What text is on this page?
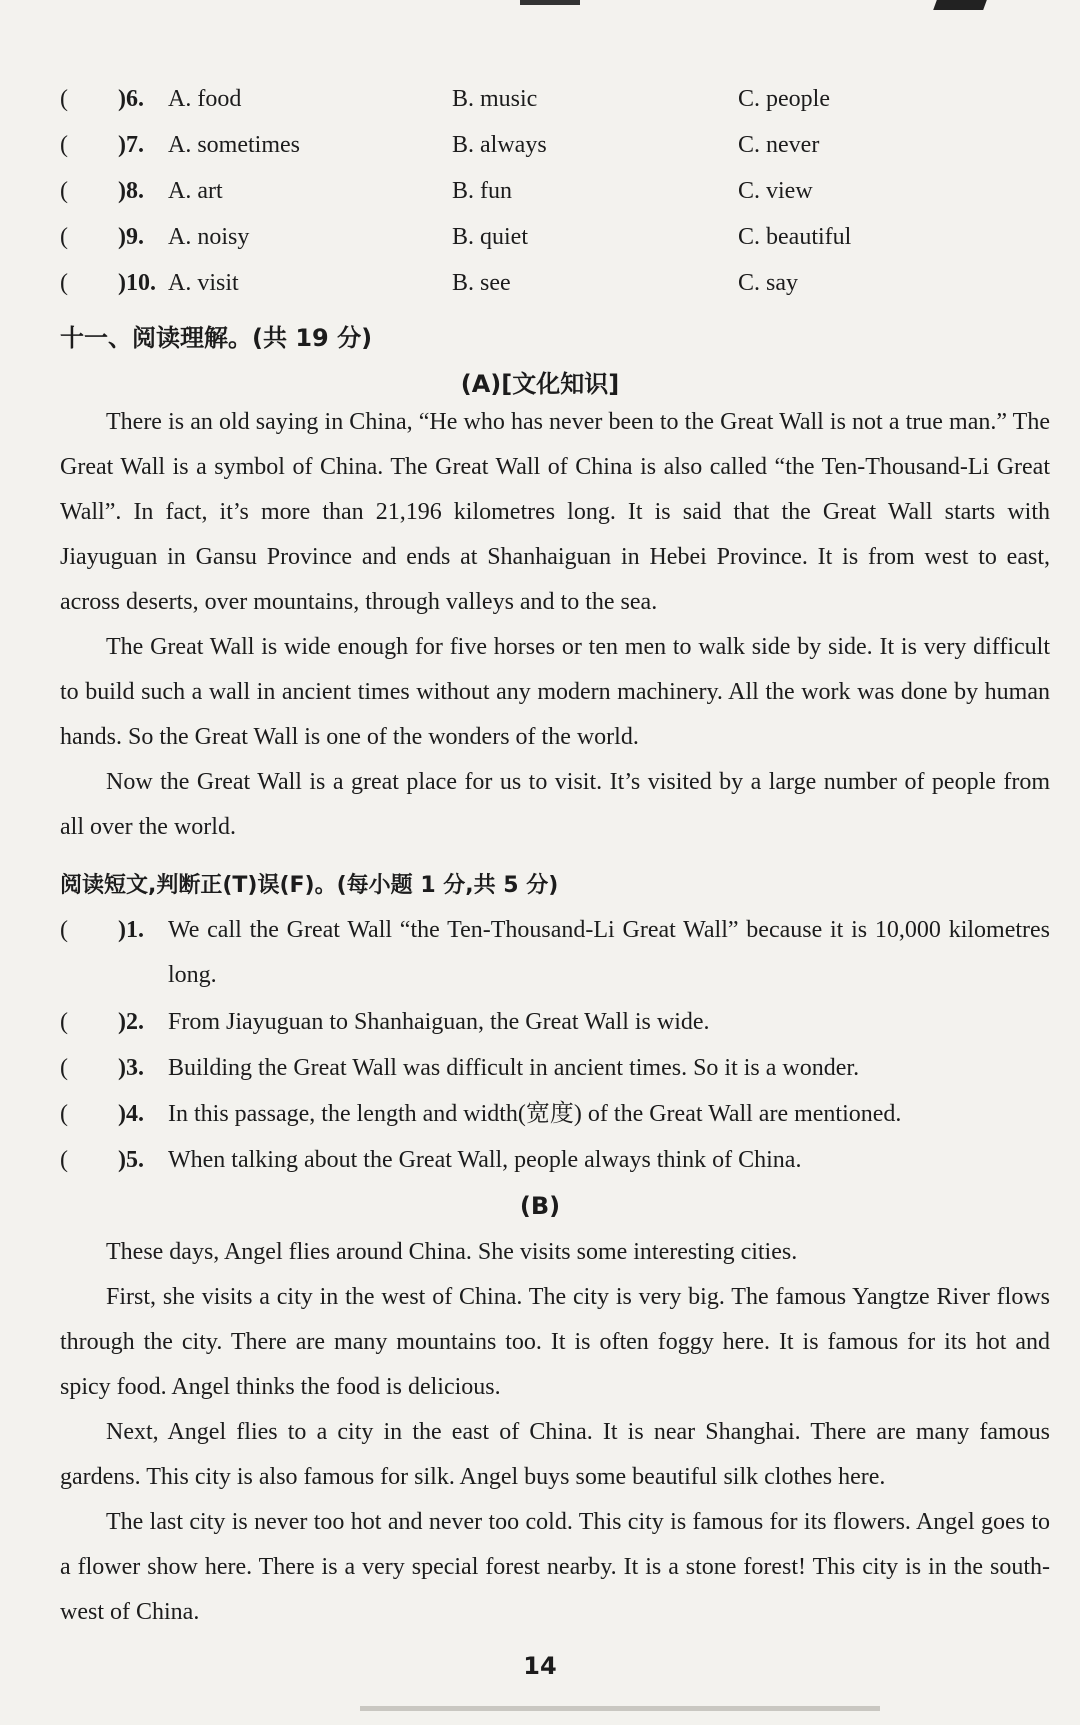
( )6. A. food	B. music	C. people
( )7. A. sometimes	B. always	C. never
( )8. A. art	B. fun	C. view
( )9. A. noisy	B. quiet	C. beautiful
( )10. A. visit	B. see	C. say
十一、阅读理解。(共 19 分)
(A)[文化知识]

There is an old saying in China, “He who has never been to the Great Wall is not a true man.” The Great Wall is a symbol of China. The Great Wall of China is also called “the Ten-Thousand-Li Great Wall”. In fact, it’s more than 21,196 kilometres long. It is said that the Great Wall starts with Jiayuguan in Gansu Province and ends at Shanhaiguan in Hebei Province. It is from west to east, across deserts, over mountains, through valleys and to the sea.

The Great Wall is wide enough for five horses or ten men to walk side by side. It is very difficult to build such a wall in ancient times without any modern machinery. All the work was done by human hands. So the Great Wall is one of the wonders of the world.

Now the Great Wall is a great place for us to visit. It’s visited by a large number of people from all over the world.

阅读短文,判断正(T)误(F)。(每小题 1 分,共 5 分)
( )1. We call the Great Wall “the Ten-Thousand-Li Great Wall” because it is 10,000 kilometres long.
( )2. From Jiayuguan to Shanhaiguan, the Great Wall is wide.
( )3. Building the Great Wall was difficult in ancient times. So it is a wonder.
( )4. In this passage, the length and width(宽度) of the Great Wall are mentioned.
( )5. When talking about the Great Wall, people always think of China.
(B)

These days, Angel flies around China. She visits some interesting cities.

First, she visits a city in the west of China. The city is very big. The famous Yangtze River flows through the city. There are many mountains too. It is often foggy here. It is famous for its hot and spicy food. Angel thinks the food is delicious.

Next, Angel flies to a city in the east of China. It is near Shanghai. There are many famous gardens. This city is also famous for silk. Angel buys some beautiful silk clothes here.

The last city is never too hot and never too cold. This city is famous for its flowers. Angel goes to a flower show here. There is a very special forest nearby. It is a stone forest! This city is in the south-west of China.

14
